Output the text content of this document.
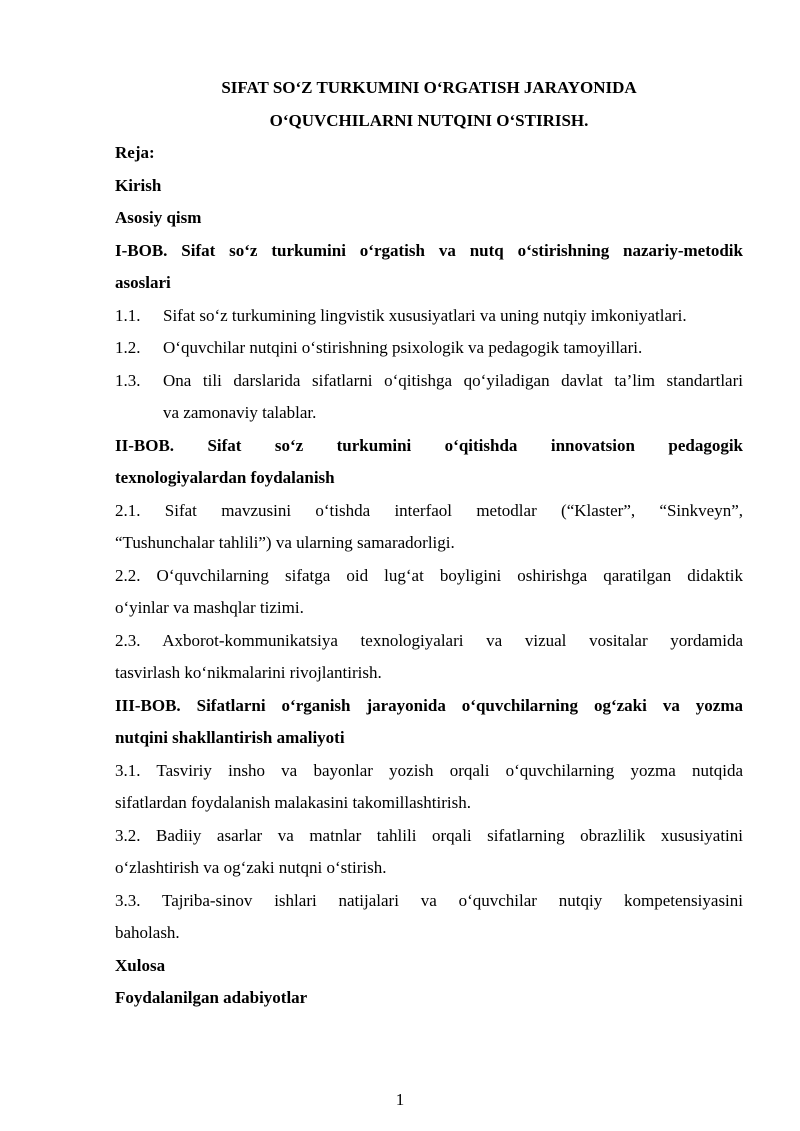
SIFAT SO‘Z TURKUMINI O‘RGATISH JARAYONIDA

O‘QUVCHILARNI NUTQINI O‘STIRISH.

Reja:

Kirish

Asosiy qism

I-BOB. Sifat so‘z turkumini o‘rgatish va nutq o‘stirishning nazariy-metodik

asoslari

1.1.	Sifat so‘z turkumining lingvistik xususiyatlari va uning nutqiy imkoniyatlari.
1.2.	O‘quvchilar nutqini o‘stirishning psixologik va pedagogik tamoyillari.
1.3.	Ona tili darslarida sifatlarni o‘qitishga qo‘yiladigan davlat ta’lim standartlari
va zamonaviy talablar.

II-BOB. Sifat so‘z turkumini o‘qitishda innovatsion pedagogik

texnologiyalardan foydalanish

2.1. Sifat mavzusini o‘tishda interfaol metodlar (“Klaster”, “Sinkveyn”,

“Tushunchalar tahlili”) va ularning samaradorligi.

2.2. O‘quvchilarning sifatga oid lug‘at boyligini oshirishga qaratilgan didaktik

o‘yinlar va mashqlar tizimi.

2.3. Axborot-kommunikatsiya texnologiyalari va vizual vositalar yordamida

tasvirlash ko‘nikmalarini rivojlantirish.

III-BOB. Sifatlarni o‘rganish jarayonida o‘quvchilarning og‘zaki va yozma

nutqini shakllantirish amaliyoti

3.1. Tasviriy insho va bayonlar yozish orqali o‘quvchilarning yozma nutqida

sifatlardan foydalanish malakasini takomillashtirish.

3.2. Badiiy asarlar va matnlar tahlili orqali sifatlarning obrazlilik xususiyatini

o‘zlashtirish va og‘zaki nutqni o‘stirish.

3.3. Tajriba-sinov ishlari natijalari va o‘quvchilar nutqiy kompetensiyasini

baholash.

Xulosa

Foydalanilgan adabiyotlar

1
